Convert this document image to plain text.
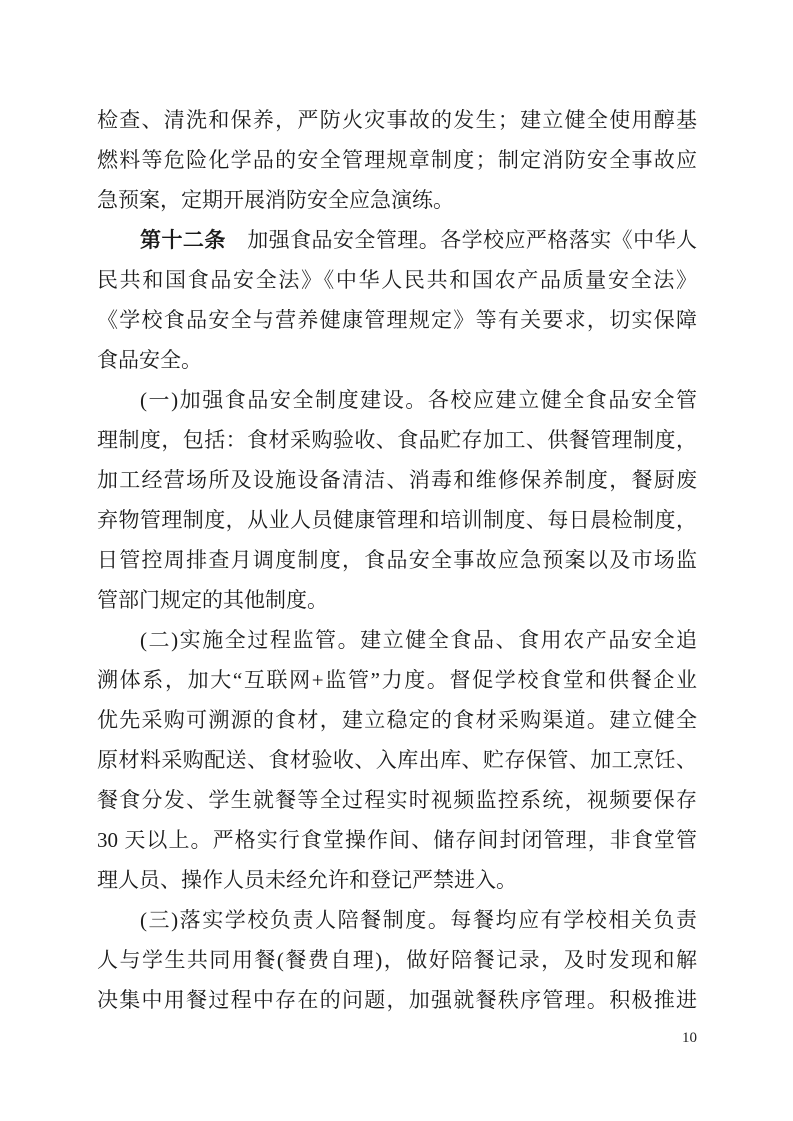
检查、清洗和保养，严防火灾事故的发生；建立健全使用醇基
燃料等危险化学品的安全管理规章制度；制定消防安全事故应
急预案，定期开展消防安全应急演练。
第十二条　加强食品安全管理。各学校应严格落实《中华人
民共和国食品安全法》《中华人民共和国农产品质量安全法》
《学校食品安全与营养健康管理规定》等有关要求，切实保障
食品安全。
(一)加强食品安全制度建设。各校应建立健全食品安全管
理制度，包括：食材采购验收、食品贮存加工、供餐管理制度，
加工经营场所及设施设备清洁、消毒和维修保养制度，餐厨废
弃物管理制度，从业人员健康管理和培训制度、每日晨检制度，
日管控周排查月调度制度，食品安全事故应急预案以及市场监
管部门规定的其他制度。
(二)实施全过程监管。建立健全食品、食用农产品安全追
溯体系，加大“互联网+监管”力度。督促学校食堂和供餐企业
优先采购可溯源的食材，建立稳定的食材采购渠道。建立健全
原材料采购配送、食材验收、入库出库、贮存保管、加工烹饪、
餐食分发、学生就餐等全过程实时视频监控系统，视频要保存
30 天以上。严格实行食堂操作间、储存间封闭管理，非食堂管
理人员、操作人员未经允许和登记严禁进入。
(三)落实学校负责人陪餐制度。每餐均应有学校相关负责
人与学生共同用餐(餐费自理)，做好陪餐记录，及时发现和解
决集中用餐过程中存在的问题，加强就餐秩序管理。积极推进
10
